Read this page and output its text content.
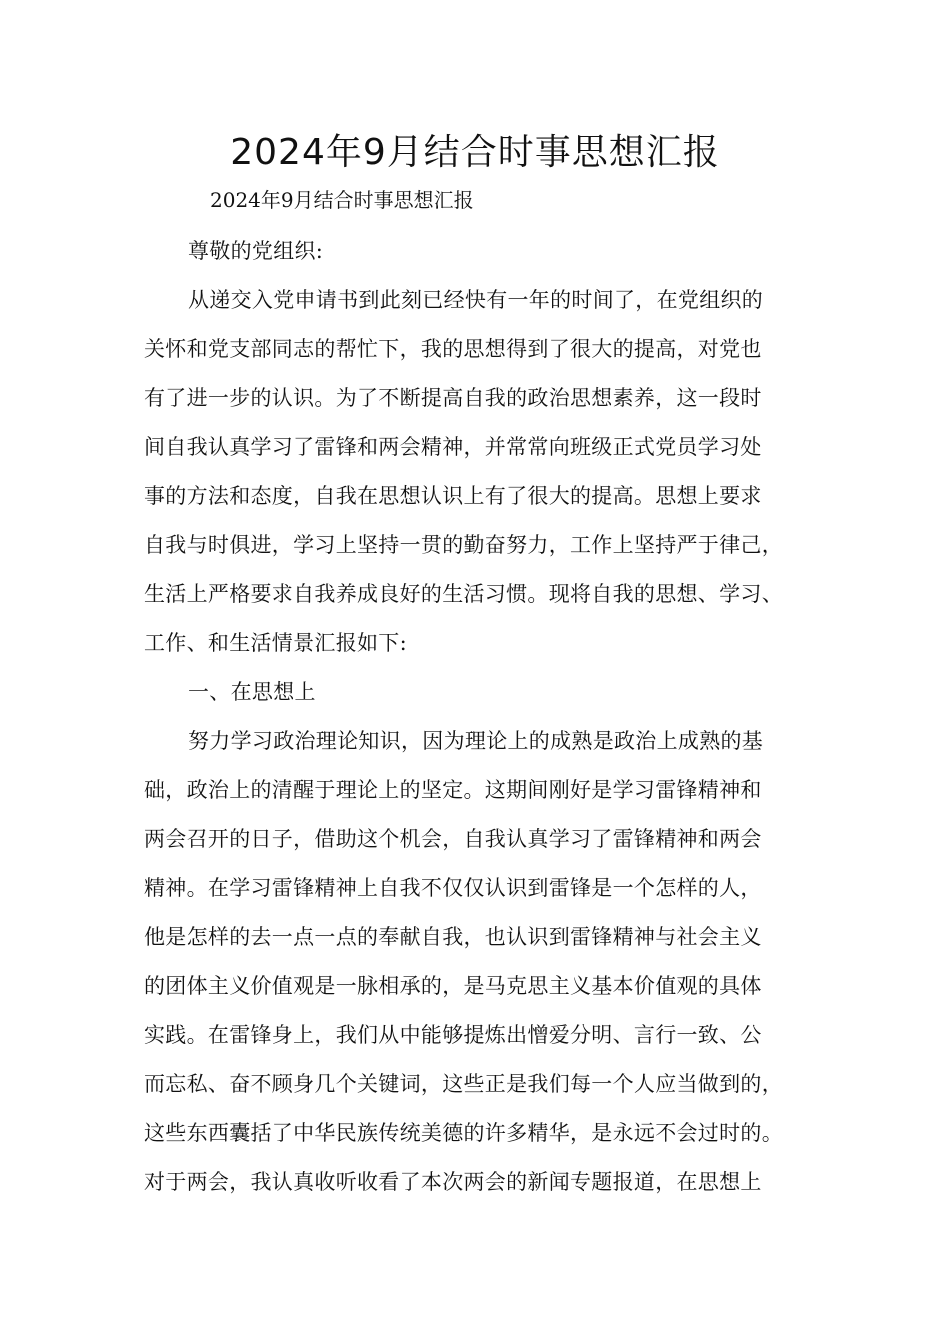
2024年9月结合时事思想汇报

2024年9月结合时事思想汇报

尊敬的党组织:
从递交入党申请书到此刻已经快有一年的时间了，在党组织的
关怀和党支部同志的帮忙下，我的思想得到了很大的提高，对党也
有了进一步的认识。为了不断提高自我的政治思想素养，这一段时
间自我认真学习了雷锋和两会精神，并常常向班级正式党员学习处
事的方法和态度，自我在思想认识上有了很大的提高。思想上要求
自我与时俱进，学习上坚持一贯的勤奋努力，工作上坚持严于律己，
生活上严格要求自我养成良好的生活习惯。现将自我的思想、学习、
工作、和生活情景汇报如下:
一、在思想上
努力学习政治理论知识，因为理论上的成熟是政治上成熟的基
础，政治上的清醒于理论上的坚定。这期间刚好是学习雷锋精神和
两会召开的日子，借助这个机会，自我认真学习了雷锋精神和两会
精神。在学习雷锋精神上自我不仅仅认识到雷锋是一个怎样的人，
他是怎样的去一点一点的奉献自我，也认识到雷锋精神与社会主义
的团体主义价值观是一脉相承的，是马克思主义基本价值观的具体
实践。在雷锋身上，我们从中能够提炼出憎爱分明、言行一致、公
而忘私、奋不顾身几个关键词，这些正是我们每一个人应当做到的，
这些东西囊括了中华民族传统美德的许多精华，是永远不会过时的。
对于两会，我认真收听收看了本次两会的新闻专题报道，在思想上
